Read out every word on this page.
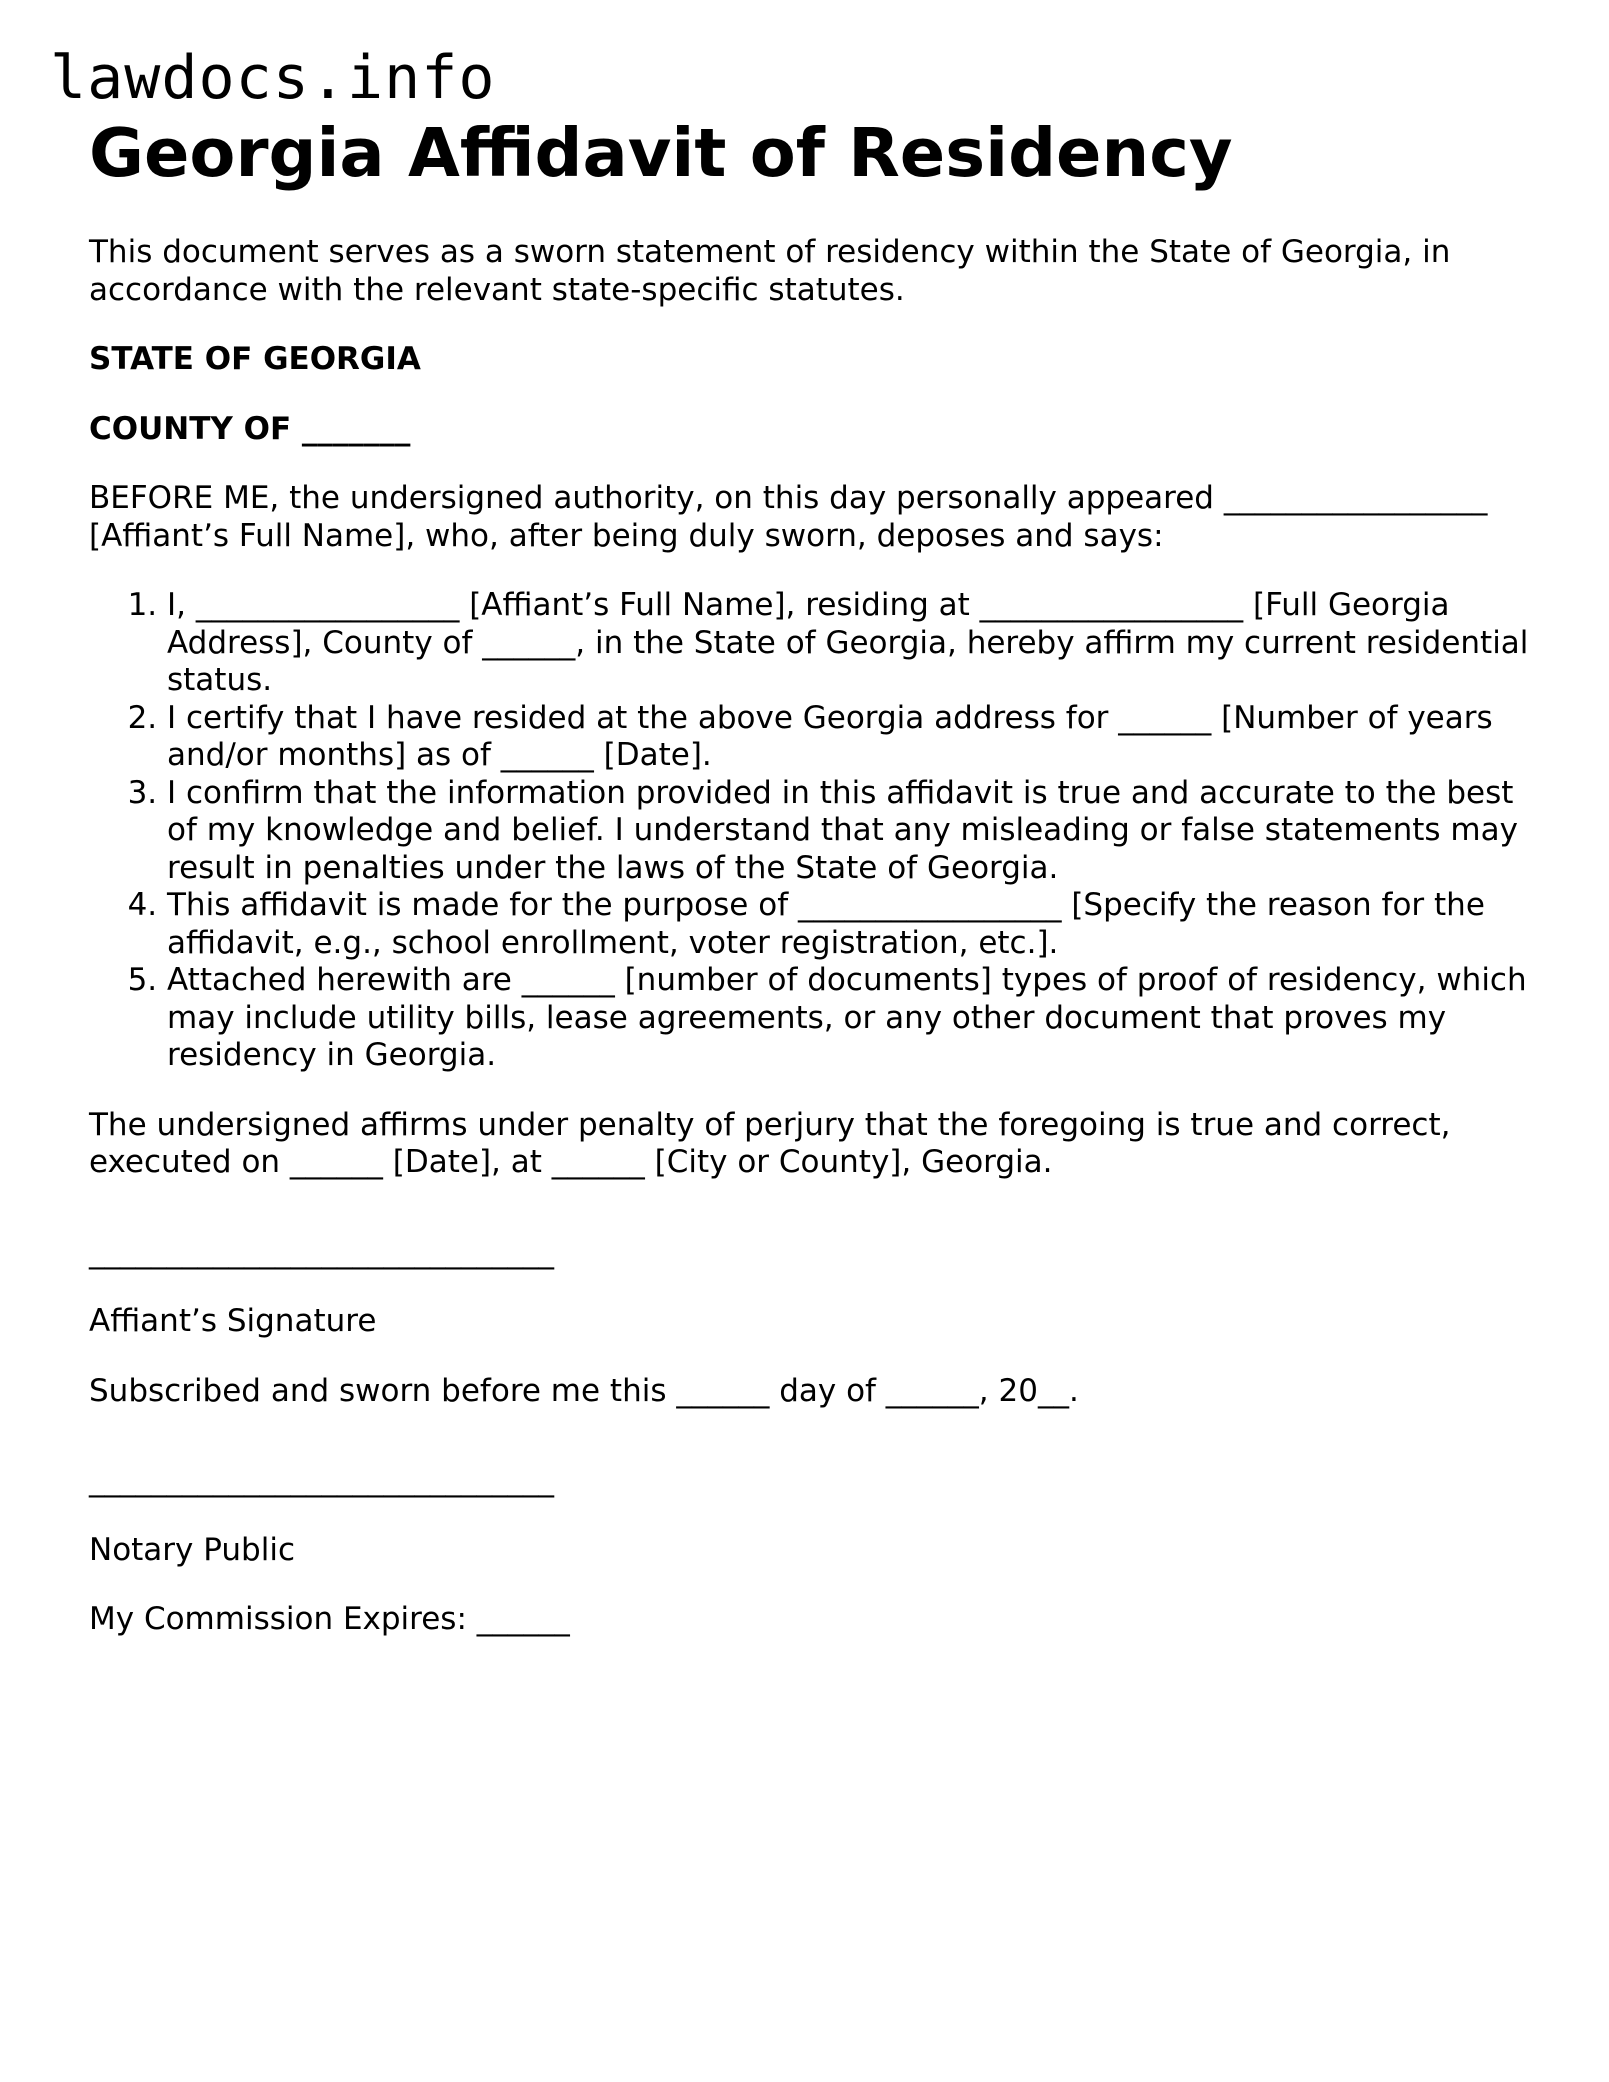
lawdocs.info
Georgia Affidavit of Residency

This document serves as a sworn statement of residency within the State of Georgia, in accordance with the relevant state-specific statutes.

STATE OF GEORGIA

COUNTY OF _______

BEFORE ME, the undersigned authority, on this day personally appeared _________________ [Affiant’s Full Name], who, after being duly sworn, deposes and says:

1. I, _________________ [Affiant’s Full Name], residing at _________________ [Full Georgia Address], County of ______, in the State of Georgia, hereby affirm my current residential status.
2. I certify that I have resided at the above Georgia address for ______ [Number of years and/or months] as of ______ [Date].
3. I confirm that the information provided in this affidavit is true and accurate to the best of my knowledge and belief. I understand that any misleading or false statements may result in penalties under the laws of the State of Georgia.
4. This affidavit is made for the purpose of _________________ [Specify the reason for the affidavit, e.g., school enrollment, voter registration, etc.].
5. Attached herewith are ______ [number of documents] types of proof of residency, which may include utility bills, lease agreements, or any other document that proves my residency in Georgia.

The undersigned affirms under penalty of perjury that the foregoing is true and correct, executed on ______ [Date], at ______ [City or County], Georgia.

______________________________

Affiant’s Signature

Subscribed and sworn before me this ______ day of ______, 20__.

______________________________

Notary Public

My Commission Expires: ______
